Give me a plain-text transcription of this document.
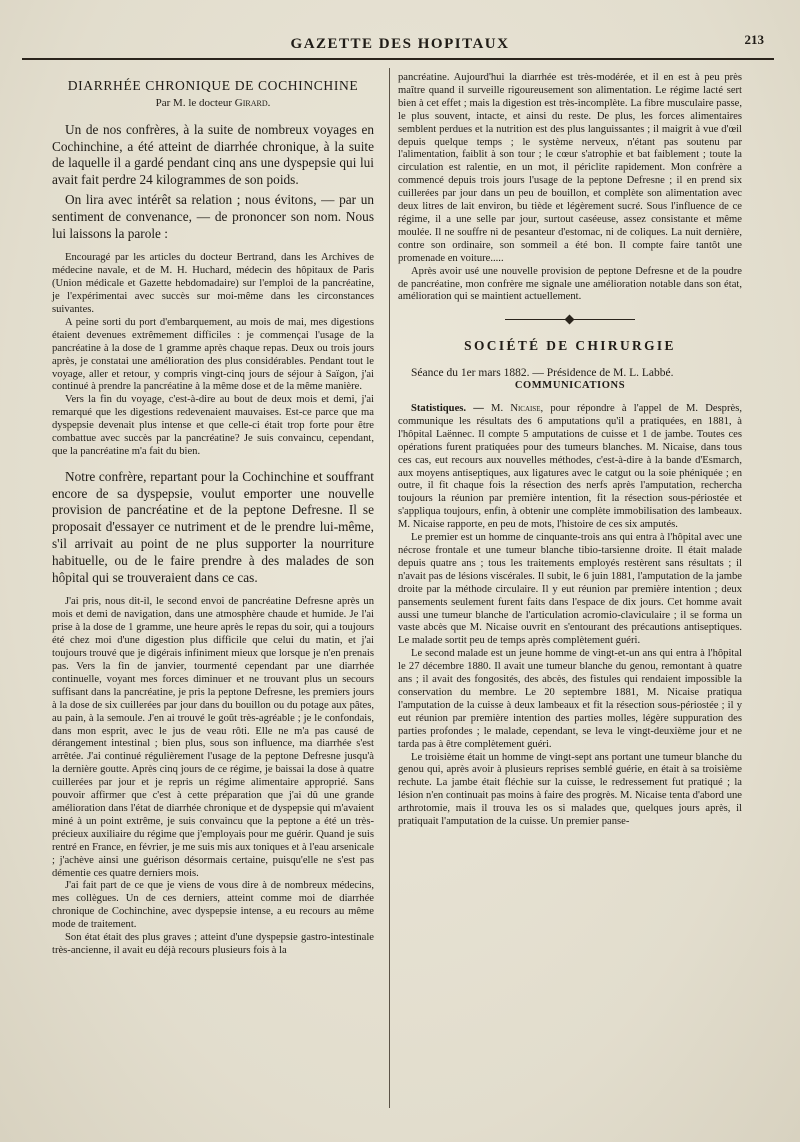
GAZETTE DES HOPITAUX	213
DIARRHÉE CHRONIQUE DE COCHINCHINE
Par M. le docteur Girard.

Un de nos confrères, à la suite de nombreux voyages en Cochinchine, a été atteint de diarrhée chronique, à la suite de laquelle il a gardé pendant cinq ans une dyspepsie qui lui avait fait perdre 24 kilogrammes de son poids.

On lira avec intérêt sa relation ; nous évitons, — par un sentiment de convenance, — de prononcer son nom. Nous lui laissons la parole :

Encouragé par les articles du docteur Bertrand, dans les Archives de médecine navale, et de M. H. Huchard, médecin des hôpitaux de Paris (Union médicale et Gazette hebdomadaire) sur l'emploi de la pancréatine, je l'expérimentai avec succès sur moi-même dans les circonstances suivantes.

A peine sorti du port d'embarquement, au mois de mai, mes digestions étaient devenues extrêmement difficiles : je commençai l'usage de la pancréatine à la dose de 1 gramme après chaque repas. Deux ou trois jours après, je constatai une amélioration des plus considérables. Pendant tout le voyage, aller et retour, y compris vingt-cinq jours de séjour à Saïgon, j'ai continué à prendre la pancréatine à la même dose et de la même manière.

Vers la fin du voyage, c'est-à-dire au bout de deux mois et demi, j'ai remarqué que les digestions redevenaient mauvaises. Est-ce parce que ma dyspepsie devenait plus intense et que celle-ci était trop forte pour être combattue avec succès par la pancréatine? Je suis convaincu, cependant, que la pancréatine m'a fait du bien.

Notre confrère, repartant pour la Cochinchine et souffrant encore de sa dyspepsie, voulut emporter une nouvelle provision de pancréatine et de la peptone Defresne. Il se proposait d'essayer ce nutriment et de le prendre lui-même, s'il arrivait au point de ne plus supporter la nourriture habituelle, ou de le faire prendre à des malades de son hôpital qui se trouveraient dans ce cas.

J'ai pris, nous dit-il, le second envoi de pancréatine Defresne après un mois et demi de navigation, dans une atmosphère chaude et humide. Je l'ai prise à la dose de 1 gramme, une heure après le repas du soir, qui a toujours été chez moi d'une digestion plus difficile que celui du matin, et j'ai toujours trouvé que je digérais infiniment mieux que lorsque je n'en prenais pas. Vers la fin de janvier, tourmenté cependant par une diarrhée continuelle, voyant mes forces diminuer et ne trouvant plus un secours suffisant dans la pancréatine, je pris la peptone Defresne, les premiers jours à la dose de six cuillerées par jour dans du bouillon ou du potage aux pâtes, au pain, à la semoule. J'en ai trouvé le goût très-agréable ; je le confondais, dans mon esprit, avec le jus de veau rôti. Elle ne m'a pas causé de dérangement intestinal ; bien plus, sous son influence, ma diarrhée s'est arrêtée. J'ai continué régulièrement l'usage de la peptone Defresne jusqu'à la dernière goutte. Après cinq jours de ce régime, je baissai la dose à quatre cuillerées par jour et je repris un régime alimentaire approprié. Sans pouvoir affirmer que c'est à cette préparation que j'ai dû une grande amélioration dans l'état de diarrhée chronique et de dyspepsie qui m'avaient miné à un point extrême, je suis convaincu que la peptone a été un très-précieux auxiliaire du régime que j'employais pour me guérir. Quand je suis rentré en France, en février, je me suis mis aux toniques et à l'eau arsenicale ; j'achève ainsi une guérison désormais certaine, puisqu'elle ne s'est pas démentie ces quatre derniers mois.

J'ai fait part de ce que je viens de vous dire à de nombreux médecins, mes collègues. Un de ces derniers, atteint comme moi de diarrhée chronique de Cochinchine, avec dyspepsie intense, a eu recours au même mode de traitement.

Son état était des plus graves ; atteint d'une dyspepsie gastro-intestinale très-ancienne, il avait eu déjà recours plusieurs fois à la

pancréatine. Aujourd'hui la diarrhée est très-modérée, et il en est à peu près maître quand il surveille rigoureusement son alimentation. Le régime lacté sert bien à cet effet ; mais la digestion est très-incomplète. La fibre musculaire passe, le plus souvent, intacte, et ainsi du reste. De plus, les forces alimentaires semblent perdues et la nutrition est des plus languissantes ; il maigrit à vue d'œil depuis quelque temps ; le système nerveux, n'étant pas soutenu par l'alimentation, faiblit à son tour ; le cœur s'atrophie et bat faiblement ; toute la circulation est ralentie, en un mot, il périclite rapidement. Mon confrère a commencé depuis trois jours l'usage de la peptone Defresne ; il en prend six cuillerées par jour dans un peu de bouillon, et complète son alimentation avec deux litres de lait environ, bu tiède et légèrement sucré. Sous l'influence de ce régime, il a une selle par jour, surtout caséeuse, assez consistante et même moulée. Il ne souffre ni de pesanteur d'estomac, ni de coliques. La nuit dernière, contre son ordinaire, son sommeil a été bon. Il compte faire tantôt une promenade en voiture.....

Après avoir usé une nouvelle provision de peptone Defresne et de la poudre de pancréatine, mon confrère me signale une amélioration notable dans son état, amélioration qui se maintient actuellement.

SOCIÉTÉ DE CHIRURGIE

Séance du 1er mars 1882. — Présidence de M. L. Labbé.

COMMUNICATIONS

Statistiques. — M. Nicaise, pour répondre à l'appel de M. Desprès, communique les résultats des 6 amputations qu'il a pratiquées, en 1881, à l'hôpital Laënnec. Il compte 5 amputations de cuisse et 1 de jambe. Toutes ces opérations furent pratiquées pour des tumeurs blanches. M. Nicaise, dans tous ces cas, eut recours aux nouvelles méthodes, c'est-à-dire à la bande d'Esmarch, aux moyens antiseptiques, aux ligatures avec le catgut ou la soie phéniquée ; en outre, il fit chaque fois la résection des nerfs après l'amputation, rechercha toujours la réunion par première intention, fit la résection sous-périostée et s'appliqua toujours, enfin, à obtenir une complète immobilisation des lambeaux. M. Nicaise rapporte, en peu de mots, l'histoire de ces six amputés.

Le premier est un homme de cinquante-trois ans qui entra à l'hôpital avec une nécrose frontale et une tumeur blanche tibio-tarsienne droite. Il était malade depuis quatre ans ; tous les traitements employés restèrent sans résultats ; il n'avait pas de lésions viscérales. Il subit, le 6 juin 1881, l'amputation de la jambe droite par la méthode circulaire. Il y eut réunion par première intention ; deux pansements seulement furent faits dans l'espace de dix jours. Cet homme avait aussi une tumeur blanche de l'articulation acromio-claviculaire ; il se forma un vaste abcès que M. Nicaise ouvrit en s'entourant des précautions antiseptiques. Le malade sortit peu de temps après complètement guéri.

Le second malade est un jeune homme de vingt-et-un ans qui entra à l'hôpital le 27 décembre 1880. Il avait une tumeur blanche du genou, remontant à quatre ans ; il avait des fongosités, des abcès, des fistules qui rendaient impossible la conservation du membre. Le 20 septembre 1881, M. Nicaise pratiqua l'amputation de la cuisse à deux lambeaux et fit la résection sous-périostée ; il y eut réunion par première intention des parties molles, légère suppuration des parties profondes ; le malade, cependant, se leva le vingt-deuxième jour et ne tarda pas à être complètement guéri.

Le troisième était un homme de vingt-sept ans portant une tumeur blanche du genou qui, après avoir à plusieurs reprises semblé guérie, en était à sa troisième rechute. La jambe était fléchie sur la cuisse, le redressement fut pratiqué ; la lésion n'en continuait pas moins à faire des progrès. M. Nicaise tenta d'abord une arthrotomie, mais il trouva les os si malades que, quelques jours après, il pratiquait l'amputation de la cuisse. Un premier panse-
